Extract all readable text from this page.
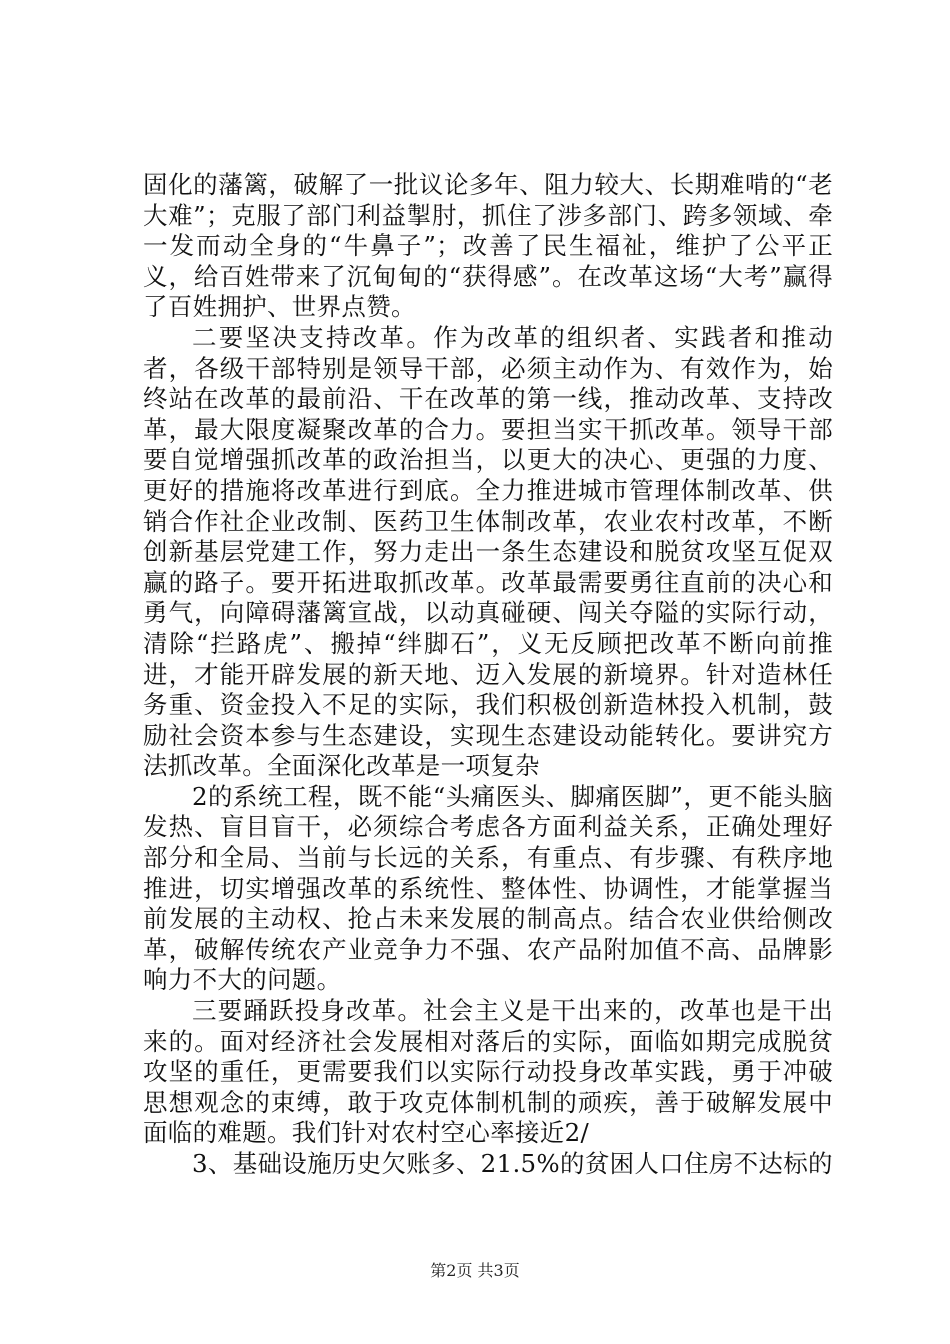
固化的藩篱，破解了一批议论多年、阻力较大、长期难啃的“老大难”；克服了部门利益掣肘，抓住了涉多部门、跨多领域、牵一发而动全身的“牛鼻子”；改善了民生福祉，维护了公平正义，给百姓带来了沉甸甸的“获得感”。在改革这场“大考”赢得了百姓拥护、世界点赞。

二要坚决支持改革。作为改革的组织者、实践者和推动者，各级干部特别是领导干部，必须主动作为、有效作为，始终站在改革的最前沿、干在改革的第一线，推动改革、支持改革，最大限度凝聚改革的合力。要担当实干抓改革。领导干部要自觉增强抓改革的政治担当，以更大的决心、更强的力度、更好的措施将改革进行到底。全力推进城市管理体制改革、供销合作社企业改制、医药卫生体制改革，农业农村改革，不断创新基层党建工作，努力走出一条生态建设和脱贫攻坚互促双赢的路子。要开拓进取抓改革。改革最需要勇往直前的决心和勇气，向障碍藩篱宣战，以动真碰硬、闯关夺隘的实际行动，清除“拦路虎”、搬掉“绊脚石”，义无反顾把改革不断向前推进，才能开辟发展的新天地、迈入发展的新境界。针对造林任务重、资金投入不足的实际，我们积极创新造林投入机制，鼓励社会资本参与生态建设，实现生态建设动能转化。要讲究方法抓改革。全面深化改革是一项复杂

2的系统工程，既不能“头痛医头、脚痛医脚”，更不能头脑发热、盲目盲干，必须综合考虑各方面利益关系，正确处理好部分和全局、当前与长远的关系，有重点、有步骤、有秩序地推进，切实增强改革的系统性、整体性、协调性，才能掌握当前发展的主动权、抢占未来发展的制高点。结合农业供给侧改革，破解传统农产业竞争力不强、农产品附加值不高、品牌影响力不大的问题。

三要踊跃投身改革。社会主义是干出来的，改革也是干出来的。面对经济社会发展相对落后的实际，面临如期完成脱贫攻坚的重任，更需要我们以实际行动投身改革实践，勇于冲破思想观念的束缚，敢于攻克体制机制的顽疾，善于破解发展中面临的难题。我们针对农村空心率接近2/

3、基础设施历史欠账多、21.5%的贫困人口住房不达标的

第2页 共3页
